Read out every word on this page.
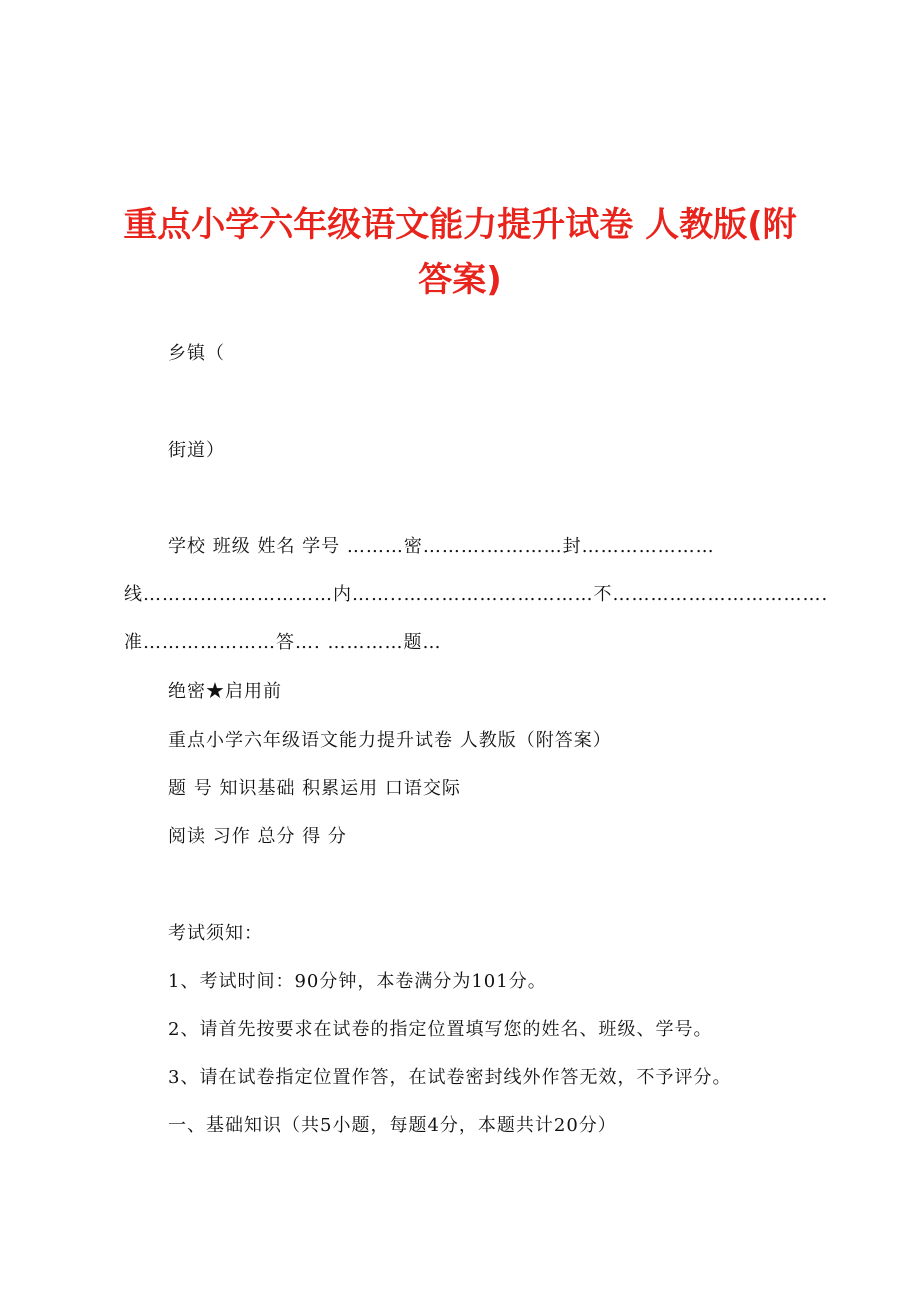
重点小学六年级语文能力提升试卷 人教版(附
答案)
乡镇（
街道）
学校 班级 姓名 学号 ………密……….…………封…………………
线…………………………内……..…………………………不…………………………….
准…………………答…. …………题…
绝密★启用前
重点小学六年级语文能力提升试卷 人教版（附答案）
题 号 知识基础 积累运用 口语交际
阅读 习作 总分 得 分
考试须知：
1、考试时间：90分钟，本卷满分为101分。
2、请首先按要求在试卷的指定位置填写您的姓名、班级、学号。
3、请在试卷指定位置作答，在试卷密封线外作答无效，不予评分。
一、基础知识（共5小题，每题4分，本题共计20分）
